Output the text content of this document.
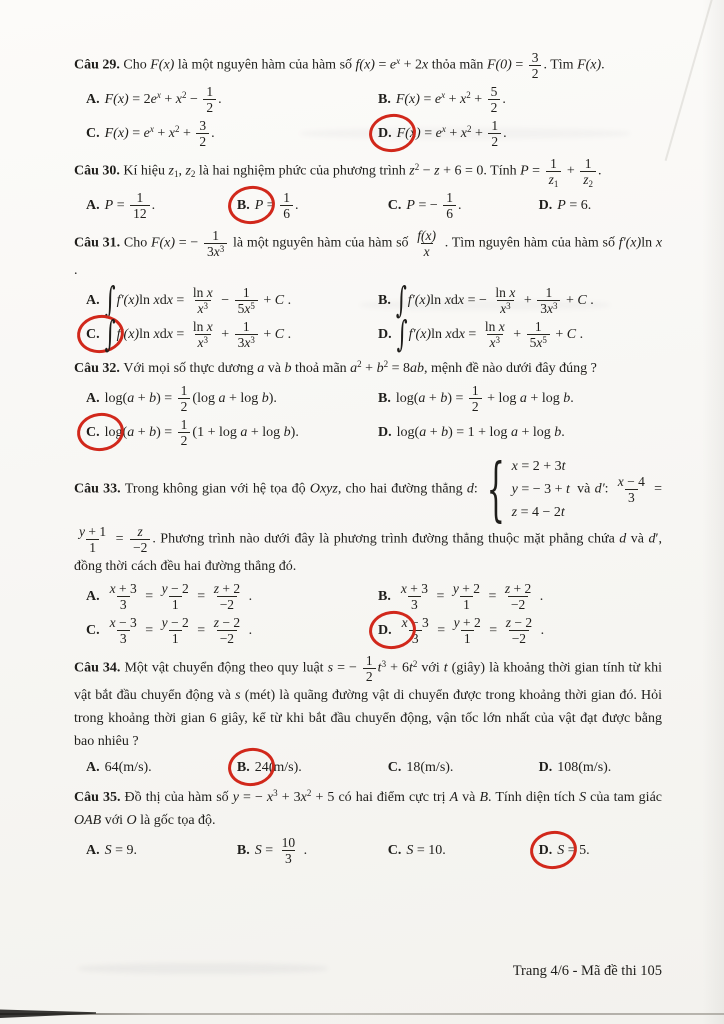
Câu 29. Cho F(x) là một nguyên hàm của hàm số $f(x) = e^x + 2x$ thỏa mãn $F(0) = \frac{3}{2}$ . Tìm F(x).

A. $F(x) = 2e^x + x^2 - \frac{1}{2}$ .	B. $F(x) = e^x + x^2 + \frac{5}{2}$ .
C. $F(x) = e^x + x^2 + \frac{3}{2}$ .	D. $F(x) = e^x + x^2 + \frac{1}{2}$ .

Câu 30. Kí hiệu $z_1$, $z_2$ là hai nghiệm phức của phương trình $z^2 - z + 6 = 0$. Tính $P = \frac{1}{z_1} + \frac{1}{z_2}$ .

A. $P = \frac{1}{12}$ .	B. $P = \frac{1}{6}$ .	C. P = − $\frac{1}{6}$ .	D. P = 6.

Câu 31. Cho F(x) = − $\frac{1}{3x^3}$ là một nguyên hàm của hàm số $\frac{f(x)}{x}$ . Tìm nguyên hàm của hàm số f′(x)ln x .

A. ∫f′(x)ln xdx = $\frac{\text{ln x}}{x^3} - \frac{1}{5x^5} + C$ .	B. ∫f′(x)ln xdx = − $\frac{\text{ln x}}{x^3} + \frac{1}{3x^3} + C$ .
C. ∫f′(x)ln xdx = $\frac{\text{ln x}}{x^3} + \frac{1}{3x^3} + C$ .	D. ∫f′(x)ln xdx = $\frac{\text{ln x}}{x^3} + \frac{1}{5x^5} + C$ .

Câu 32. Với mọi số thực dương a và b thoả mãn $a^2 + b^2 = 8ab$, mệnh đề nào dưới đây đúng ?

A. $\log(a + b) = \frac{1}{2} (\log$ a + log b).	B. $\log(a + b) = \frac{1}{2} + \log a + \log b$.
C. $\log(a + b) = \frac{1}{2} (1 + \log a + \log b)$.	D. log(a + b) = 1 + log a + log b.

Câu 33. Trong không gian với hệ tọa độ Oxyz, cho hai đường thẳng d: { x = 2 + 3t
y = − 3 + t
z = 4 − 2t
và d′: $\frac{x - 4}{3}$ =
$\frac{y + 1}{1} = \frac{z}{-2}$ . Phương trình nào dưới đây là phương trình đường thẳng thuộc mặt phẳng chứa d và d′, đồng thời cách đều hai đường thẳng đó.

A. $\frac{x + 3}{3} = \frac{y - 2}{1} = \frac{z + 2}{-2}$ .	B. $\frac{x + 3}{3} = \frac{y + 2}{1} = \frac{z + 2}{-2}$ .
C. $\frac{x - 3}{3} = \frac{y - 2}{1} = \frac{z - 2}{-2}$ .	D. $\frac{x - 3}{3} = \frac{y + 2}{1} = \frac{z - 2}{-2}$ .

Câu 34. Một vật chuyển động theo quy luật s = − $\frac{1}{2} t^3 + 6t^2$ với t (giây) là khoảng thời gian tính từ khi vật bắt đầu chuyển động và s (mét) là quãng đường vật di chuyển được trong khoảng thời gian đó. Hỏi trong khoảng thời gian 6 giây, kể từ khi bắt đầu chuyển động, vận tốc lớn nhất của vật đạt được bằng bao nhiêu ?

A. 64(m/s).	B. 24(m/s).	C. 18(m/s).	D. 108(m/s).

Câu 35. Đồ thị của hàm số y = − $x^3 + 3x^2 + 5$ có hai điểm cực trị A và B. Tính diện tích S của tam giác OAB với O là gốc tọa độ.

A. S = 9.	B. $S = \frac{10}{3}$ .	C. S = 10.	D. S = 5.
Trang 4/6 - Mã đề thi 105
